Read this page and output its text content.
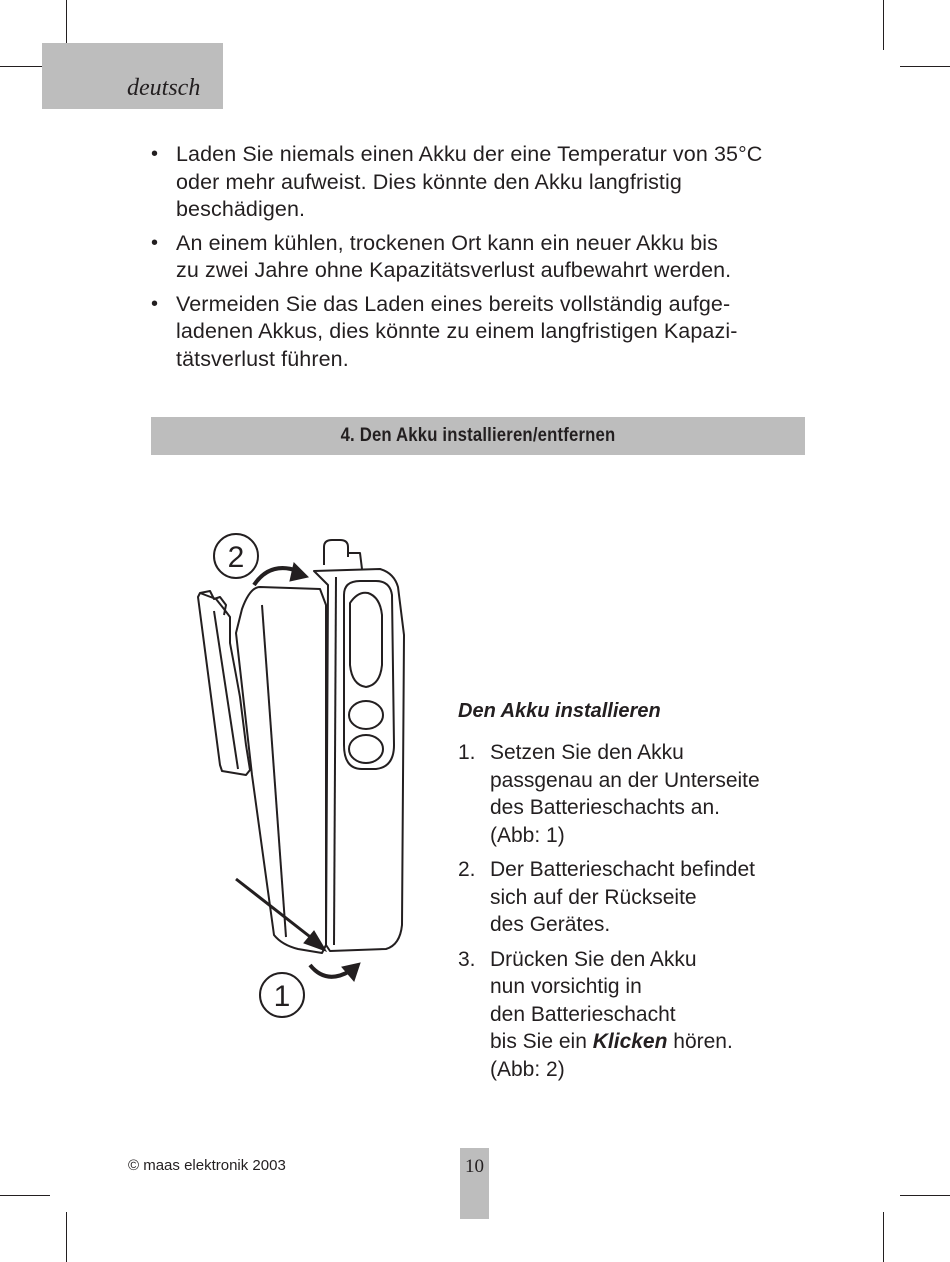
deutsch
• Laden Sie niemals einen Akku der eine Temperatur von 35°C
oder mehr aufweist. Dies könnte den Akku langfristig
beschädigen.
• An einem kühlen, trockenen Ort kann ein neuer Akku bis
zu zwei Jahre ohne Kapazitätsverlust aufbewahrt werden.
• Vermeiden Sie das Laden eines bereits vollständig aufge-
ladenen Akkus, dies könnte zu einem langfristigen Kapazi-
tätsverlust führen.
4. Den Akku installieren/entfernen
2
1
Den Akku installieren
1. Setzen Sie den Akku
passgenau an der Unterseite
des Batterieschachts an.
(Abb: 1)
2. Der Batterieschacht befindet
sich auf der Rückseite
des Gerätes.
3. Drücken Sie den Akku
nun vorsichtig in
den Batterieschacht
bis Sie ein Klicken hören.
(Abb: 2)
© maas elektronik 2003	10
